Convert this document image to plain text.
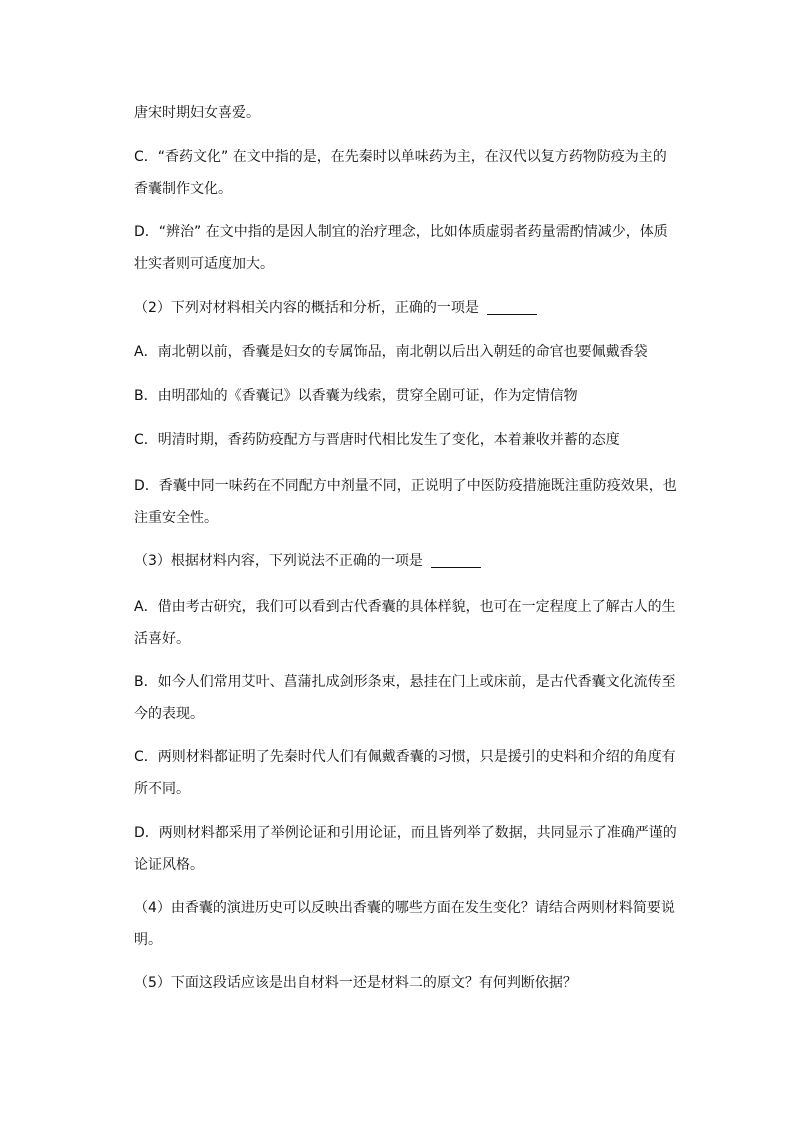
唐宋时期妇女喜爱。

C．“香药文化” 在文中指的是，在先秦时以单味药为主，在汉代以复方药物防疫为主的香囊制作文化。

D．“辨治” 在文中指的是因人制宜的治疗理念，比如体质虚弱者药量需酌情减少，体质壮实者则可适度加大。

（2）下列对材料相关内容的概括和分析，正确的一项是

A．南北朝以前，香囊是妇女的专属饰品，南北朝以后出入朝廷的命官也要佩戴香袋

B．由明邵灿的《香囊记》以香囊为线索，贯穿全剧可证，作为定情信物

C．明清时期，香药防疫配方与晋唐时代相比发生了变化，本着兼收并蓄的态度

D．香囊中同一味药在不同配方中剂量不同，正说明了中医防疫措施既注重防疫效果，也注重安全性。

（3）根据材料内容，下列说法不正确的一项是

A．借由考古研究，我们可以看到古代香囊的具体样貌，也可在一定程度上了解古人的生活喜好。

B．如今人们常用艾叶、菖蒲扎成剑形条束，悬挂在门上或床前，是古代香囊文化流传至今的表现。

C．两则材料都证明了先秦时代人们有佩戴香囊的习惯，只是援引的史料和介绍的角度有所不同。

D．两则材料都采用了举例论证和引用论证，而且皆列举了数据，共同显示了准确严谨的论证风格。

（4）由香囊的演进历史可以反映出香囊的哪些方面在发生变化？请结合两则材料简要说明。

（5）下面这段话应该是出自材料一还是材料二的原文？有何判断依据？
